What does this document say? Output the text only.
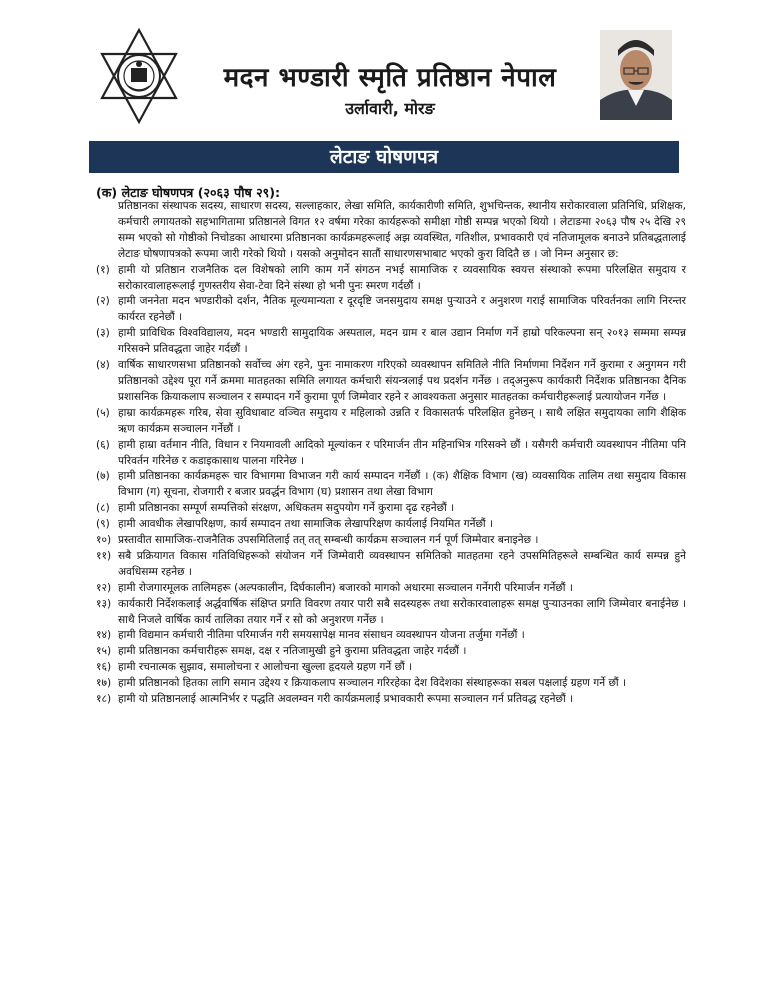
मदन भण्डारी स्मृति प्रतिष्ठान नेपाल
उर्लावारी, मोरङ
लेटाङ घोषणपत्र
(क) लेटाङ घोषणपत्र (२०६३ पौष २९):

प्रतिष्ठानका संस्थापक सदस्य, साधारण सदस्य, सल्लाहकार, लेखा समिति, कार्यकारीणी समिति, शुभचिन्तक, स्थानीय सरोकारवाला प्रतिनिधि, प्रशिक्षक, कर्मचारी लगायतको सहभागितामा प्रतिष्ठानले विगत १२ वर्षमा गरेका कार्यहरूको समीक्षा गोष्ठी सम्पन्न भएको थियो । लेटाङमा २०६३ पौष २५ देखि २९ सम्म भएको सो गोष्ठीको निचोडका आधारमा प्रतिष्ठानका कार्यक्रमहरूलाई अझ व्यवस्थित, गतिशील, प्रभावकारी एवं नतिजामूलक बनाउने प्रतिबद्धतालाई लेटाङ घोषणापत्रको रूपमा जारी गरेको थियो । यसको अनुमोदन सातौं साधारणसभाबाट भएको कुरा विदितै छ । जो निम्न अनुसार छ:

(१) हामी यो प्रतिष्ठान राजनैतिक दल विशेषको लागि काम गर्ने संगठन नभई सामाजिक र व्यवसायिक स्वयत्त संस्थाको रूपमा परिलक्षित समुदाय र सरोकारवालाहरूलाई गुणस्तरीय सेवा-टेवा दिने संस्था हो भनी पुनः स्मरण गर्दछौं ।
(२) हामी जननेता मदन भण्डारीको दर्शन, नैतिक मूल्यमान्यता र दूरदृष्टि जनसमुदाय समक्ष पुऱ्याउने र अनुशरण गराई सामाजिक परिवर्तनका लागि निरन्तर कार्यरत रहनेछौं ।
(३) हामी प्राविधिक विश्वविद्यालय, मदन भण्डारी सामुदायिक अस्पताल, मदन ग्राम र बाल उद्यान निर्माण गर्ने हाम्रो परिकल्पना सन् २०१३ सम्ममा सम्पन्न गरिसक्ने प्रतिवद्धता जाहेर गर्दछौं ।
(४) वार्षिक साधारणसभा प्रतिष्ठानको सर्वोच्च अंग रहने, पुनः नामाकरण गरिएको व्यवस्थापन समितिले नीति निर्माणमा निर्देशन गर्ने कुरामा र अनुगमन गरी प्रतिष्ठानको उद्देश्य पूरा गर्ने क्रममा मातहतका समिति लगायत कर्मचारी संयन्त्रलाई पथ प्रदर्शन गर्नेछ । तद्अनुरूप कार्यकारी निर्देशक प्रतिष्ठानका दैनिक प्रशासनिक क्रियाकलाप सञ्चालन र सम्पादन गर्ने कुरामा पूर्ण जिम्मेवार रहने र आवश्यकता अनुसार मातहतका कर्मचारीहरूलाई प्रत्यायोजन गर्नेछ ।
(५) हाम्रा कार्यक्रमहरू गरिब, सेवा सुविधाबाट वञ्चित समुदाय र महिलाको उन्नति र विकासतर्फ परिलक्षित हुनेछन् । साथै लक्षित समुदायका लागि शैक्षिक ऋण कार्यक्रम सञ्चालन गर्नेछौं ।
(६) हामी हाम्रा वर्तमान नीति, विधान र नियमावली आदिको मूल्यांकन र परिमार्जन तीन महिनाभित्र गरिसक्ने छौं । यसैगरी कर्मचारी व्यवस्थापन नीतिमा पनि परिवर्तन गरिनेछ र कडाइकासाथ पालना गरिनेछ ।
(७) हामी प्रतिष्ठानका कार्यक्रमहरू चार विभागमा विभाजन गरी कार्य सम्पादन गर्नेछौं । (क) शैक्षिक विभाग (ख) व्यवसायिक तालिम तथा समुदाय विकास विभाग (ग) सूचना, रोजगारी र बजार प्रवर्द्धन विभाग (घ) प्रशासन तथा लेखा विभाग
(८) हामी प्रतिष्ठानका सम्पूर्ण सम्पत्तिको संरक्षण, अधिकतम सदुपयोग गर्ने कुरामा दृढ रहनेछौं ।
(९) हामी आवधीक लेखापरिक्षण, कार्य सम्पादन तथा सामाजिक लेखापरिक्षण कार्यलाई नियमित गर्नेछौं ।
१०) प्रस्तावीत सामाजिक-राजनैतिक उपसमितिलाई तत् तत् सम्बन्धी कार्यक्रम सञ्चालन गर्न पूर्ण जिम्मेवार बनाइनेछ ।
११) सबै प्रक्रियागत विकास गतिविधिहरूको संयोजन गर्ने जिम्मेवारी व्यवस्थापन समितिको मातहतमा रहने उपसमितिहरूले सम्बन्धित कार्य सम्पन्न हुने अवधिसम्म रहनेछ ।
१२) हामी रोजगारमूलक तालिमहरू (अल्पकालीन, दिर्घकालीन) बजारको मागको अधारमा सञ्चालन गर्नेगरी परिमार्जन गर्नेछौं ।
१३) कार्यकारी निर्देशकलाई अर्द्धवार्षिक संक्षिप्त प्रगति विवरण तयार पारी सबै सदस्यहरू तथा सरोकारवालाहरू समक्ष पुऱ्याउनका लागि जिम्मेवार बनाईनेछ । साथै निजले वार्षिक कार्य तालिका तयार गर्ने र सो को अनुशरण गर्नेछ ।
१४) हामी विद्यमान कर्मचारी नीतिमा परिमार्जन गरी समयसापेक्ष मानव संसाधन व्यवस्थापन योजना तर्जुमा गर्नेछौं ।
१५) हामी प्रतिष्ठानका कर्मचारीहरू समक्ष, दक्ष र नतिजामुखी हुने कुरामा प्रतिवद्धता जाहेर गर्दछौं ।
१६) हामी रचनात्मक सुझाव, समालोचना र आलोचना खुल्ला हृदयले ग्रहण गर्ने छौं ।
१७) हामी प्रतिष्ठानको हितका लागि समान उद्देश्य र क्रियाकलाप सञ्चालन गरिरहेका देश विदेशका संस्थाहरूका सबल पक्षलाई ग्रहण गर्ने छौं ।
१८) हामी यो प्रतिष्ठानलाई आत्मनिर्भर र पद्धति अवलम्वन गरी कार्यक्रमलाई प्रभावकारी रूपमा सञ्चालन गर्न प्रतिवद्ध रहनेछौं ।
